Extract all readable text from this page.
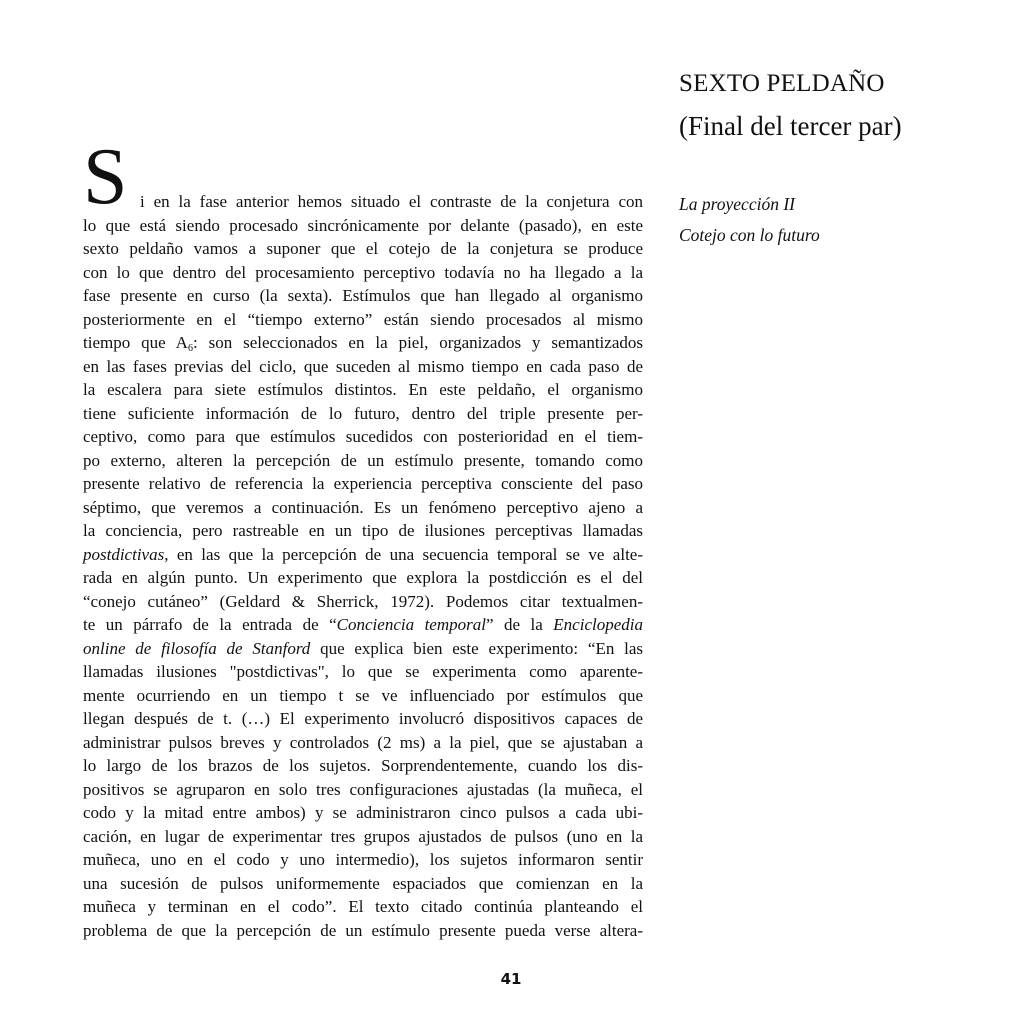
SEXTO PELDAÑO
(Final del tercer par)
La proyección II
Cotejo con lo futuro
S i en la fase anterior hemos situado el contraste de la conjetura con
lo que está siendo procesado sincrónicamente por delante (pasado), en este
sexto peldaño vamos a suponer que el cotejo de la conjetura se produce
con lo que dentro del procesamiento perceptivo todavía no ha llegado a la
fase presente en curso (la sexta). Estímulos que han llegado al organismo
posteriormente en el “tiempo externo” están siendo procesados al mismo
tiempo que A6: son seleccionados en la piel, organizados y semantizados
en las fases previas del ciclo, que suceden al mismo tiempo en cada paso de
la escalera para siete estímulos distintos. En este peldaño, el organismo
tiene suficiente información de lo futuro, dentro del triple presente per-
ceptivo, como para que estímulos sucedidos con posterioridad en el tiem-
po externo, alteren la percepción de un estímulo presente, tomando como
presente relativo de referencia la experiencia perceptiva consciente del paso
séptimo, que veremos a continuación. Es un fenómeno perceptivo ajeno a
la conciencia, pero rastreable en un tipo de ilusiones perceptivas llamadas
postdictivas, en las que la percepción de una secuencia temporal se ve alte-
rada en algún punto. Un experimento que explora la postdicción es el del
“conejo cutáneo” (Geldard & Sherrick, 1972). Podemos citar textualmen-
te un párrafo de la entrada de “Conciencia temporal” de la Enciclopedia
online de filosofía de Stanford que explica bien este experimento: “En las
llamadas ilusiones "postdictivas", lo que se experimenta como aparente-
mente ocurriendo en un tiempo t se ve influenciado por estímulos que
llegan después de t. (…) El experimento involucró dispositivos capaces de
administrar pulsos breves y controlados (2 ms) a la piel, que se ajustaban a
lo largo de los brazos de los sujetos. Sorprendentemente, cuando los dis-
positivos se agruparon en solo tres configuraciones ajustadas (la muñeca, el
codo y la mitad entre ambos) y se administraron cinco pulsos a cada ubi-
cación, en lugar de experimentar tres grupos ajustados de pulsos (uno en la
muñeca, uno en el codo y uno intermedio), los sujetos informaron sentir
una sucesión de pulsos uniformemente espaciados que comienzan en la
muñeca y terminan en el codo”. El texto citado continúa planteando el
problema de que la percepción de un estímulo presente pueda verse altera-
41
